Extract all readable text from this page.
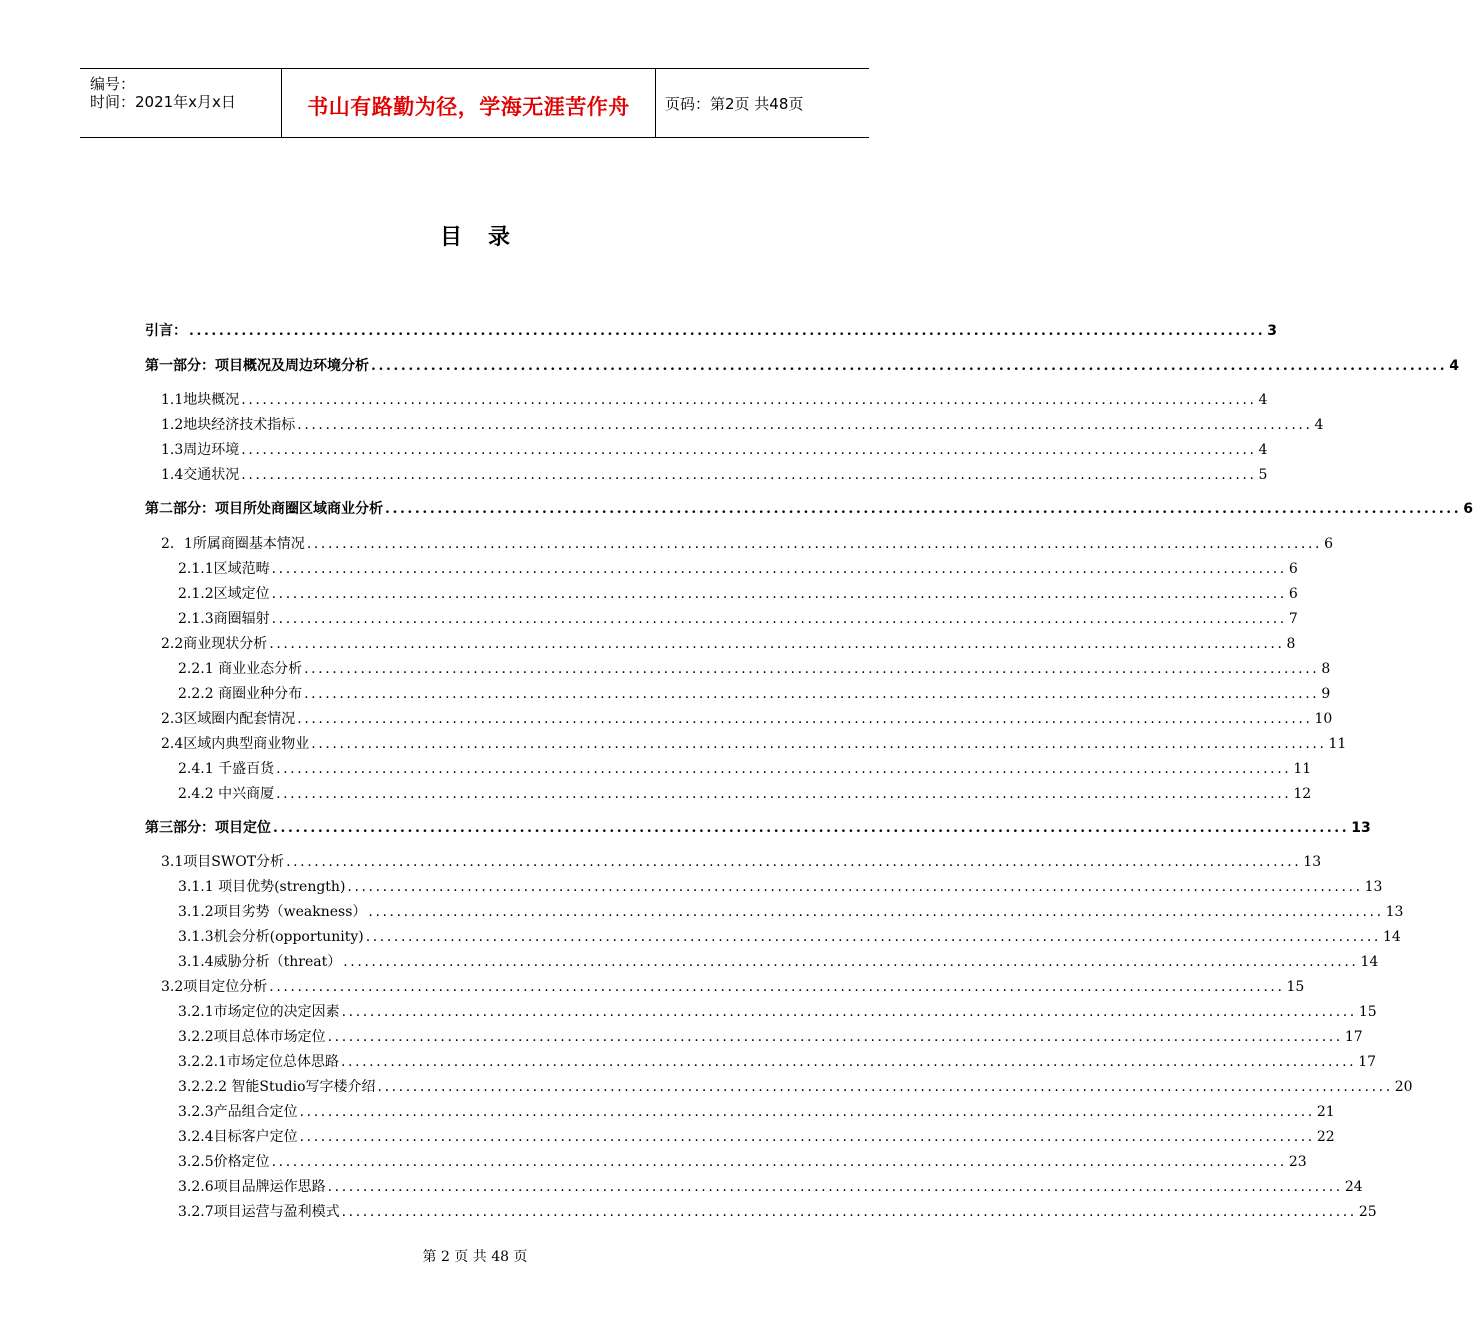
编号：
时间：2021年x月x日	书山有路勤为径，学海无涯苦作舟	页码：第2页 共48页
目录
引言： ................................................................................................................................................ 3
第一部分：项目概况及周边环境分析 ................................................................................................................................................ 4
1.1地块概况 ................................................................................................................................................ 4
1.2地块经济技术指标 ................................................................................................................................................ 4
1.3周边环境 ................................................................................................................................................ 4
1.4交通状况 ................................................................................................................................................ 5
第二部分：项目所处商圈区域商业分析 ................................................................................................................................................ 6
2．1所属商圈基本情况 ................................................................................................................................................ 6
2.1.1区域范畴 ................................................................................................................................................ 6
2.1.2区域定位 ................................................................................................................................................ 6
2.1.3商圈辐射 ................................................................................................................................................ 7
2.2商业现状分析 ................................................................................................................................................ 8
2.2.1 商业业态分析 ................................................................................................................................................ 8
2.2.2 商圈业种分布 ................................................................................................................................................ 9
2.3区域圈内配套情况 ................................................................................................................................................ 10
2.4区域内典型商业物业 ................................................................................................................................................ 11
2.4.1 千盛百货 ................................................................................................................................................ 11
2.4.2 中兴商厦 ................................................................................................................................................ 12
第三部分：项目定位 ................................................................................................................................................ 13
3.1项目SWOT分析 ................................................................................................................................................ 13
3.1.1 项目优势(strength) ................................................................................................................................................ 13
3.1.2项目劣势（weakness） ................................................................................................................................................ 13
3.1.3机会分析(opportunity) ................................................................................................................................................ 14
3.1.4威胁分析（threat） ................................................................................................................................................ 14
3.2项目定位分析 ................................................................................................................................................ 15
3.2.1市场定位的决定因素 ................................................................................................................................................ 15
3.2.2项目总体市场定位 ................................................................................................................................................ 17
3.2.2.1市场定位总体思路 ................................................................................................................................................ 17
3.2.2.2 智能Studio写字楼介绍 ................................................................................................................................................ 20
3.2.3产品组合定位 ................................................................................................................................................ 21
3.2.4目标客户定位 ................................................................................................................................................ 22
3.2.5价格定位 ................................................................................................................................................ 23
3.2.6项目品牌运作思路 ................................................................................................................................................ 24
3.2.7项目运营与盈利模式 ................................................................................................................................................ 25
第 2 页 共 48 页
